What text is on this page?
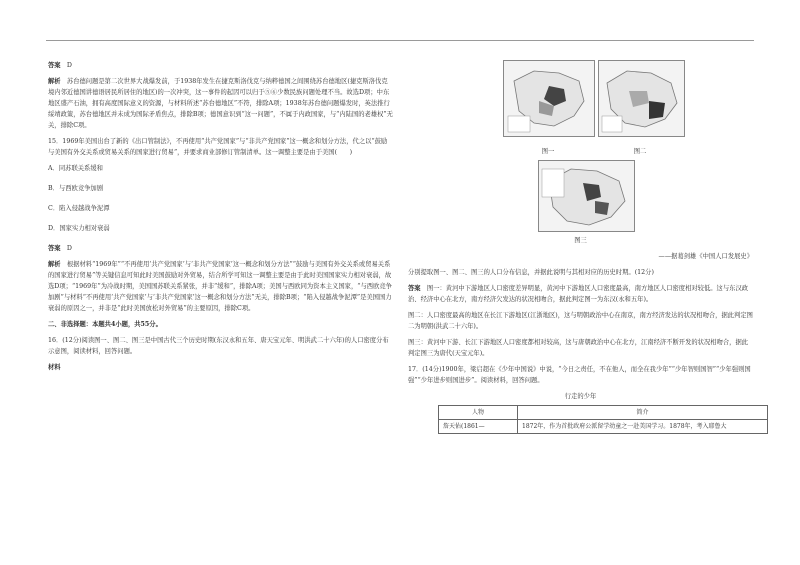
答案　 D

解析　 苏台德问题是第二次世界大战爆发前，于1938年发生在捷克斯洛伐克与纳粹德国之间围绕苏台德地区(捷克斯洛伐克境内邻近德国讲德语居民所居住的地区)的一次冲突，这一事件的起因可以归于⑤⑥少数民族问题处理不当。故选D项；中东地区盛产石油，拥有高度国际意义的资源，与材料所述“苏台德地区”不符，排除A项；1938年苏台德问题爆发时，英法推行绥靖政策，苏台德地区并未成为国际矛盾焦点，排除B项；德国意识到“这一问题”，不属于内政国家，与“内陆国的老雄权”无关，排除C项。

15．1969年美国出台了新的《出口管制法》，不再使用“共产党国家”与“非共产党国家”这一概念和划分方法，代之以“鼓励与美国有外交关系或贸易关系的国家进行贸易”，并要求商业部修订管制清单。这一调整主要是由于美国(　　)

A．同苏联关系缓和

B．与西欧竞争加剧

C．陷入侵越战争泥潭

D．国家实力相对衰弱

答案　 D

解析　 根据材料“1969年”“不再使用‘共产党国家’与‘非共产党国家’这一概念和划分方法”“鼓励与美国有外交关系或贸易关系的国家进行贸易”等关键信息可知此时美国鼓励对外贸易，结合所学可知这一调整主要是由于此时美国国家实力相对衰弱，故选D项；“1969年”为冷战时期，美国国苏联关系紧张，并非“缓和”，排除A项；美国与西欧同为资本主义国家，“与西欧竞争加剧”与材料“不再使用‘共产党国家’与‘非共产党国家’这一概念和划分方法”无关，排除B项；“陷入侵越战争泥潭”是美国国力衰弱的原因之一，并非是“此时美国放松对外贸易”的主要原因，排除C项。

二、非选择题：本题共4小题，共55分。

16．(12分)阅读图一、图二、图三是中国古代三个历史时期(东汉永和五年、唐天宝元年、明洪武二十六年)的人口密度分布示意图，阅读材料，回答问题。

材料

图一	图二
图三

——据葛剑雄《中国人口发展史》

分别提取图一、图二、图三的人口分布信息，并据此说明与其相对应的历史时期。(12分)

答案　 图一：黄河中下游地区人口密度差异明显，黄河中下游地区人口密度最高，南方地区人口密度相对较低。这与东汉政治、经济中心在北方，南方经济欠发达的状况相吻合，据此判定图一为东汉(永和五年)。

图二：人口密度最高的地区在长江下游地区(江浙地区)，这与明朝政治中心在南京，南方经济发达的状况相吻合，据此判定图二为明朝(洪武二十六年)。

图三：黄河中下游、长江下游地区人口密度都相对较高，这与唐朝政治中心在北方，江南经济不断开发的状况相吻合，据此判定图三为唐代(天宝元年)。

17．(14分)1900年，梁启超在《少年中国说》中说，“今日之责任，不在他人，而全在我少年”“少年智则国智”“少年强则国强”“少年进步则国进步”。阅读材料，回答问题。

行走的少年
人物	简介
詹天佑(1861—	1872年，作为首批政府公派留学幼童之一赴美国学习。1878年，考入耶鲁大
